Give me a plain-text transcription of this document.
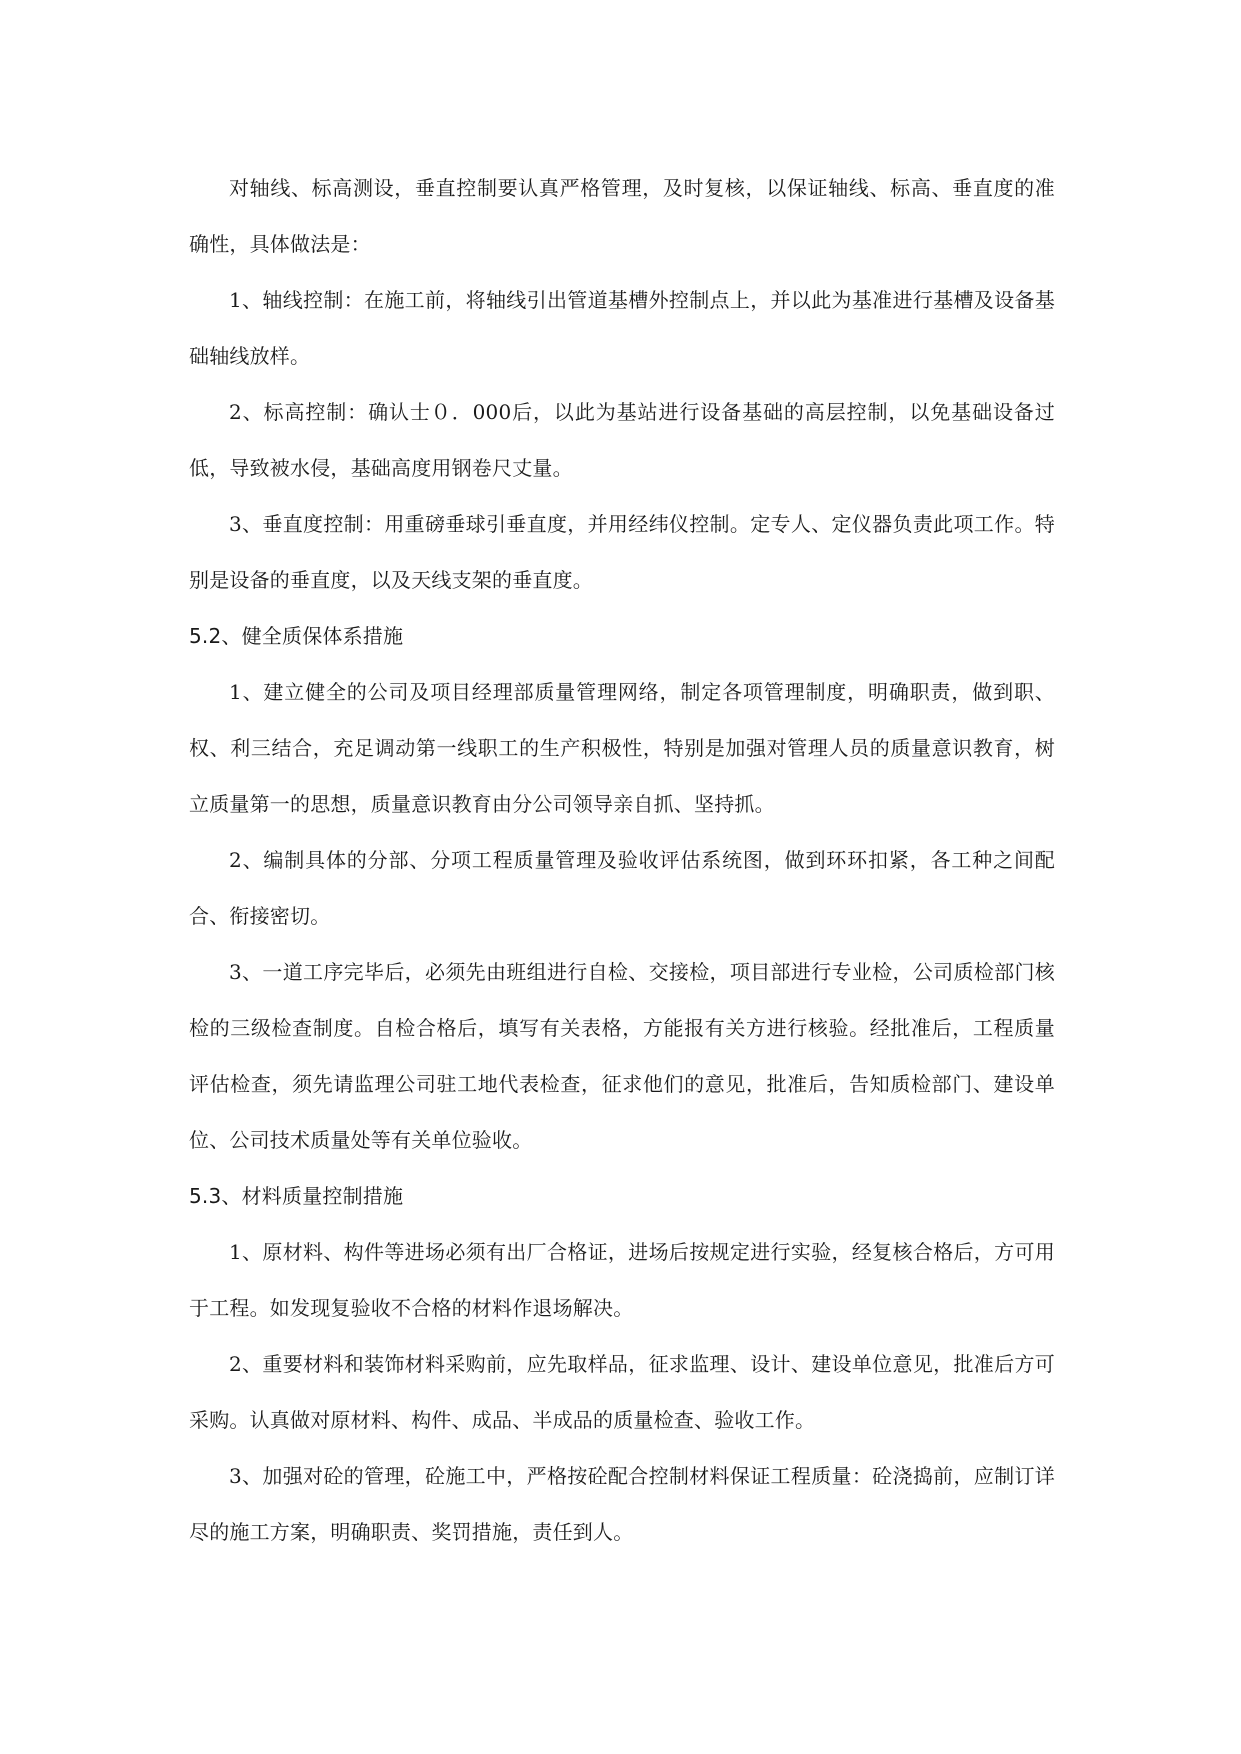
对轴线、标高测设，垂直控制要认真严格管理，及时复核，以保证轴线、标高、垂直度的准确性，具体做法是：

1、轴线控制：在施工前，将轴线引出管道基槽外控制点上，并以此为基准进行基槽及设备基础轴线放样。

2、标高控制：确认士０．000后，以此为基站进行设备基础的高层控制，以免基础设备过低，导致被水侵，基础高度用钢卷尺丈量。

3、垂直度控制：用重磅垂球引垂直度，并用经纬仪控制。定专人、定仪器负责此项工作。特别是设备的垂直度，以及天线支架的垂直度。

5.2、健全质保体系措施

1、建立健全的公司及项目经理部质量管理网络，制定各项管理制度，明确职责，做到职、权、利三结合，充足调动第一线职工的生产积极性，特别是加强对管理人员的质量意识教育，树立质量第一的思想，质量意识教育由分公司领导亲自抓、坚持抓。

2、编制具体的分部、分项工程质量管理及验收评估系统图，做到环环扣紧，各工种之间配合、衔接密切。

3、一道工序完毕后，必须先由班组进行自检、交接检，项目部进行专业检，公司质检部门核检的三级检查制度。自检合格后，填写有关表格，方能报有关方进行核验。经批准后，工程质量评估检查，须先请监理公司驻工地代表检查，征求他们的意见，批准后，告知质检部门、建设单位、公司技术质量处等有关单位验收。

5.3、材料质量控制措施

1、原材料、构件等进场必须有出厂合格证，进场后按规定进行实验，经复核合格后，方可用于工程。如发现复验收不合格的材料作退场解决。

2、重要材料和装饰材料采购前，应先取样品，征求监理、设计、建设单位意见，批准后方可采购。认真做对原材料、构件、成品、半成品的质量检查、验收工作。

3、加强对砼的管理，砼施工中，严格按砼配合控制材料保证工程质量：砼浇捣前，应制订详尽的施工方案，明确职责、奖罚措施，责任到人。
